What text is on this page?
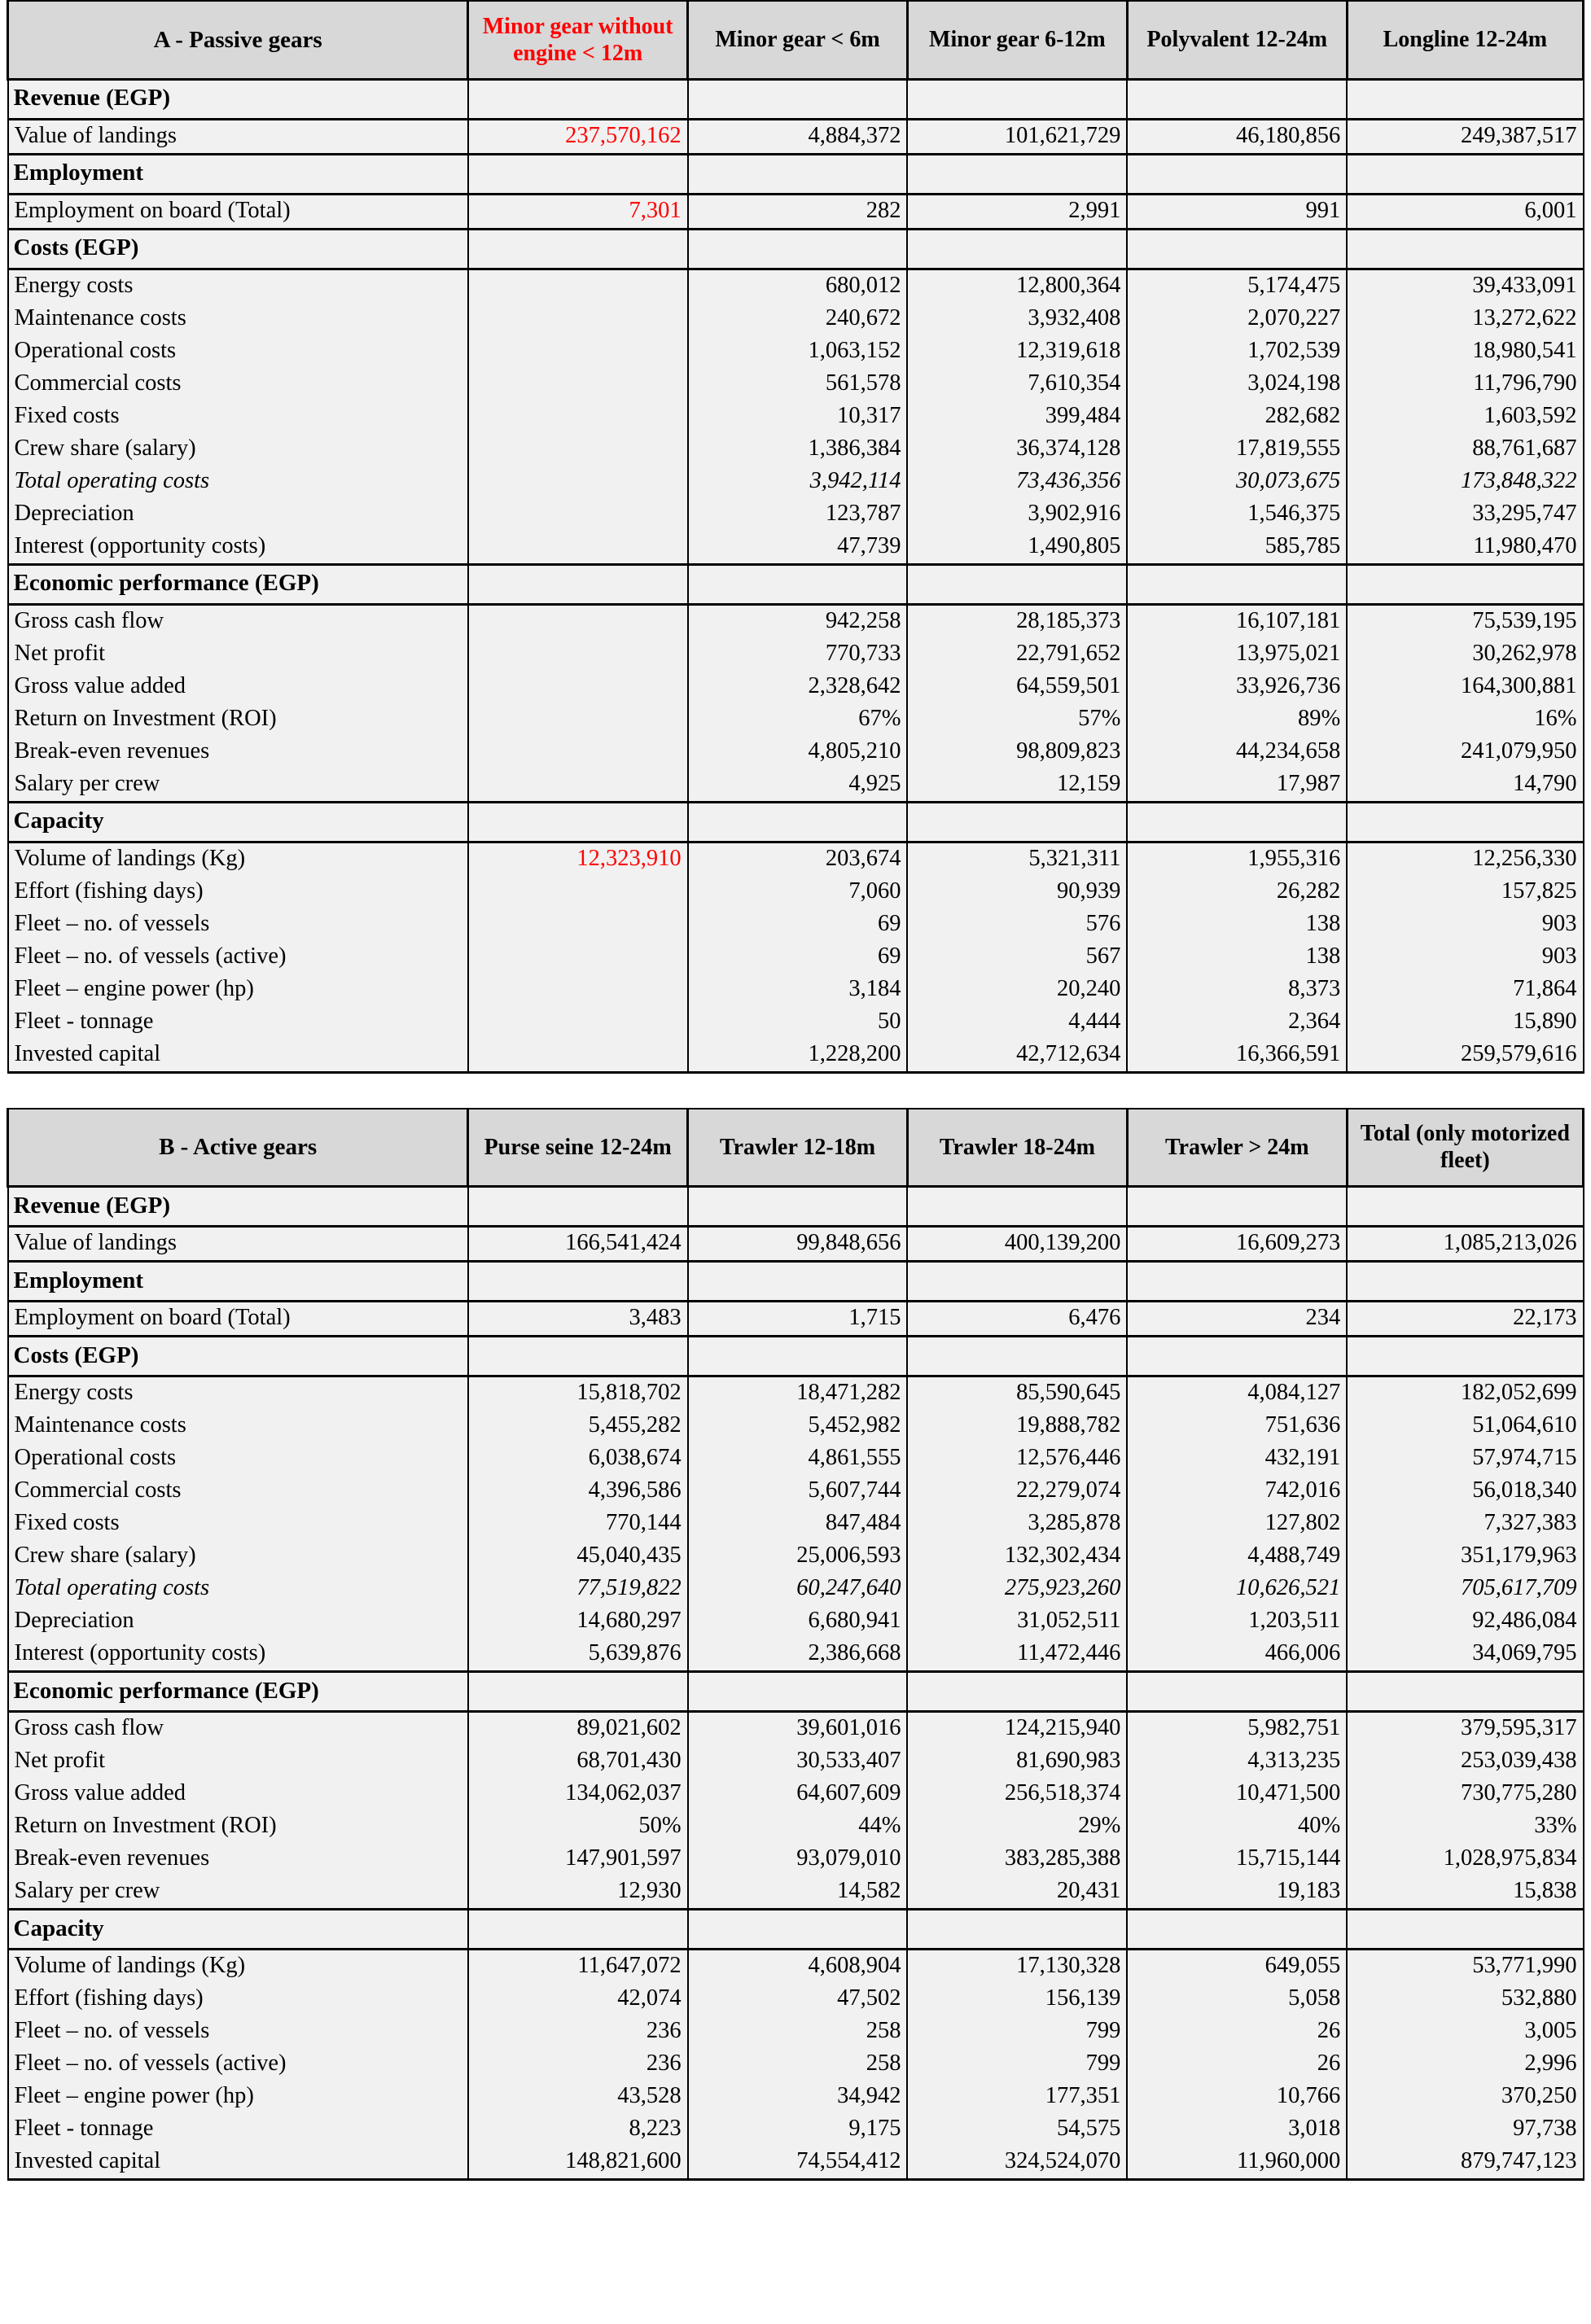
A - Passive gears	Minor gear without engine < 12m	Minor gear < 6m	Minor gear 6-12m	Polyvalent 12-24m	Longline 12-24m
Revenue (EGP)					
Value of landings	237,570,162	4,884,372	101,621,729	46,180,856	249,387,517
Employment					
Employment on board (Total)	7,301	282	2,991	991	6,001
Costs (EGP)					
Energy costs		680,012	12,800,364	5,174,475	39,433,091
Maintenance costs		240,672	3,932,408	2,070,227	13,272,622
Operational costs		1,063,152	12,319,618	1,702,539	18,980,541
Commercial costs		561,578	7,610,354	3,024,198	11,796,790
Fixed costs		10,317	399,484	282,682	1,603,592
Crew share (salary)		1,386,384	36,374,128	17,819,555	88,761,687
Total operating costs		3,942,114	73,436,356	30,073,675	173,848,322
Depreciation		123,787	3,902,916	1,546,375	33,295,747
Interest (opportunity costs)		47,739	1,490,805	585,785	11,980,470
Economic performance (EGP)					
Gross cash flow		942,258	28,185,373	16,107,181	75,539,195
Net profit		770,733	22,791,652	13,975,021	30,262,978
Gross value added		2,328,642	64,559,501	33,926,736	164,300,881
Return on Investment (ROI)		67%	57%	89%	16%
Break-even revenues		4,805,210	98,809,823	44,234,658	241,079,950
Salary per crew		4,925	12,159	17,987	14,790
Capacity					
Volume of landings (Kg)	12,323,910	203,674	5,321,311	1,955,316	12,256,330
Effort (fishing days)		7,060	90,939	26,282	157,825
Fleet – no. of vessels		69	576	138	903
Fleet – no. of vessels (active)		69	567	138	903
Fleet – engine power (hp)		3,184	20,240	8,373	71,864
Fleet - tonnage		50	4,444	2,364	15,890
Invested capital		1,228,200	42,712,634	16,366,591	259,579,616
B - Active gears	Purse seine 12-24m	Trawler 12-18m	Trawler 18-24m	Trawler > 24m	Total (only motorized fleet)
Revenue (EGP)					
Value of landings	166,541,424	99,848,656	400,139,200	16,609,273	1,085,213,026
Employment					
Employment on board (Total)	3,483	1,715	6,476	234	22,173
Costs (EGP)					
Energy costs	15,818,702	18,471,282	85,590,645	4,084,127	182,052,699
Maintenance costs	5,455,282	5,452,982	19,888,782	751,636	51,064,610
Operational costs	6,038,674	4,861,555	12,576,446	432,191	57,974,715
Commercial costs	4,396,586	5,607,744	22,279,074	742,016	56,018,340
Fixed costs	770,144	847,484	3,285,878	127,802	7,327,383
Crew share (salary)	45,040,435	25,006,593	132,302,434	4,488,749	351,179,963
Total operating costs	77,519,822	60,247,640	275,923,260	10,626,521	705,617,709
Depreciation	14,680,297	6,680,941	31,052,511	1,203,511	92,486,084
Interest (opportunity costs)	5,639,876	2,386,668	11,472,446	466,006	34,069,795
Economic performance (EGP)					
Gross cash flow	89,021,602	39,601,016	124,215,940	5,982,751	379,595,317
Net profit	68,701,430	30,533,407	81,690,983	4,313,235	253,039,438
Gross value added	134,062,037	64,607,609	256,518,374	10,471,500	730,775,280
Return on Investment (ROI)	50%	44%	29%	40%	33%
Break-even revenues	147,901,597	93,079,010	383,285,388	15,715,144	1,028,975,834
Salary per crew	12,930	14,582	20,431	19,183	15,838
Capacity					
Volume of landings (Kg)	11,647,072	4,608,904	17,130,328	649,055	53,771,990
Effort (fishing days)	42,074	47,502	156,139	5,058	532,880
Fleet – no. of vessels	236	258	799	26	3,005
Fleet – no. of vessels (active)	236	258	799	26	2,996
Fleet – engine power (hp)	43,528	34,942	177,351	10,766	370,250
Fleet - tonnage	8,223	9,175	54,575	3,018	97,738
Invested capital	148,821,600	74,554,412	324,524,070	11,960,000	879,747,123
